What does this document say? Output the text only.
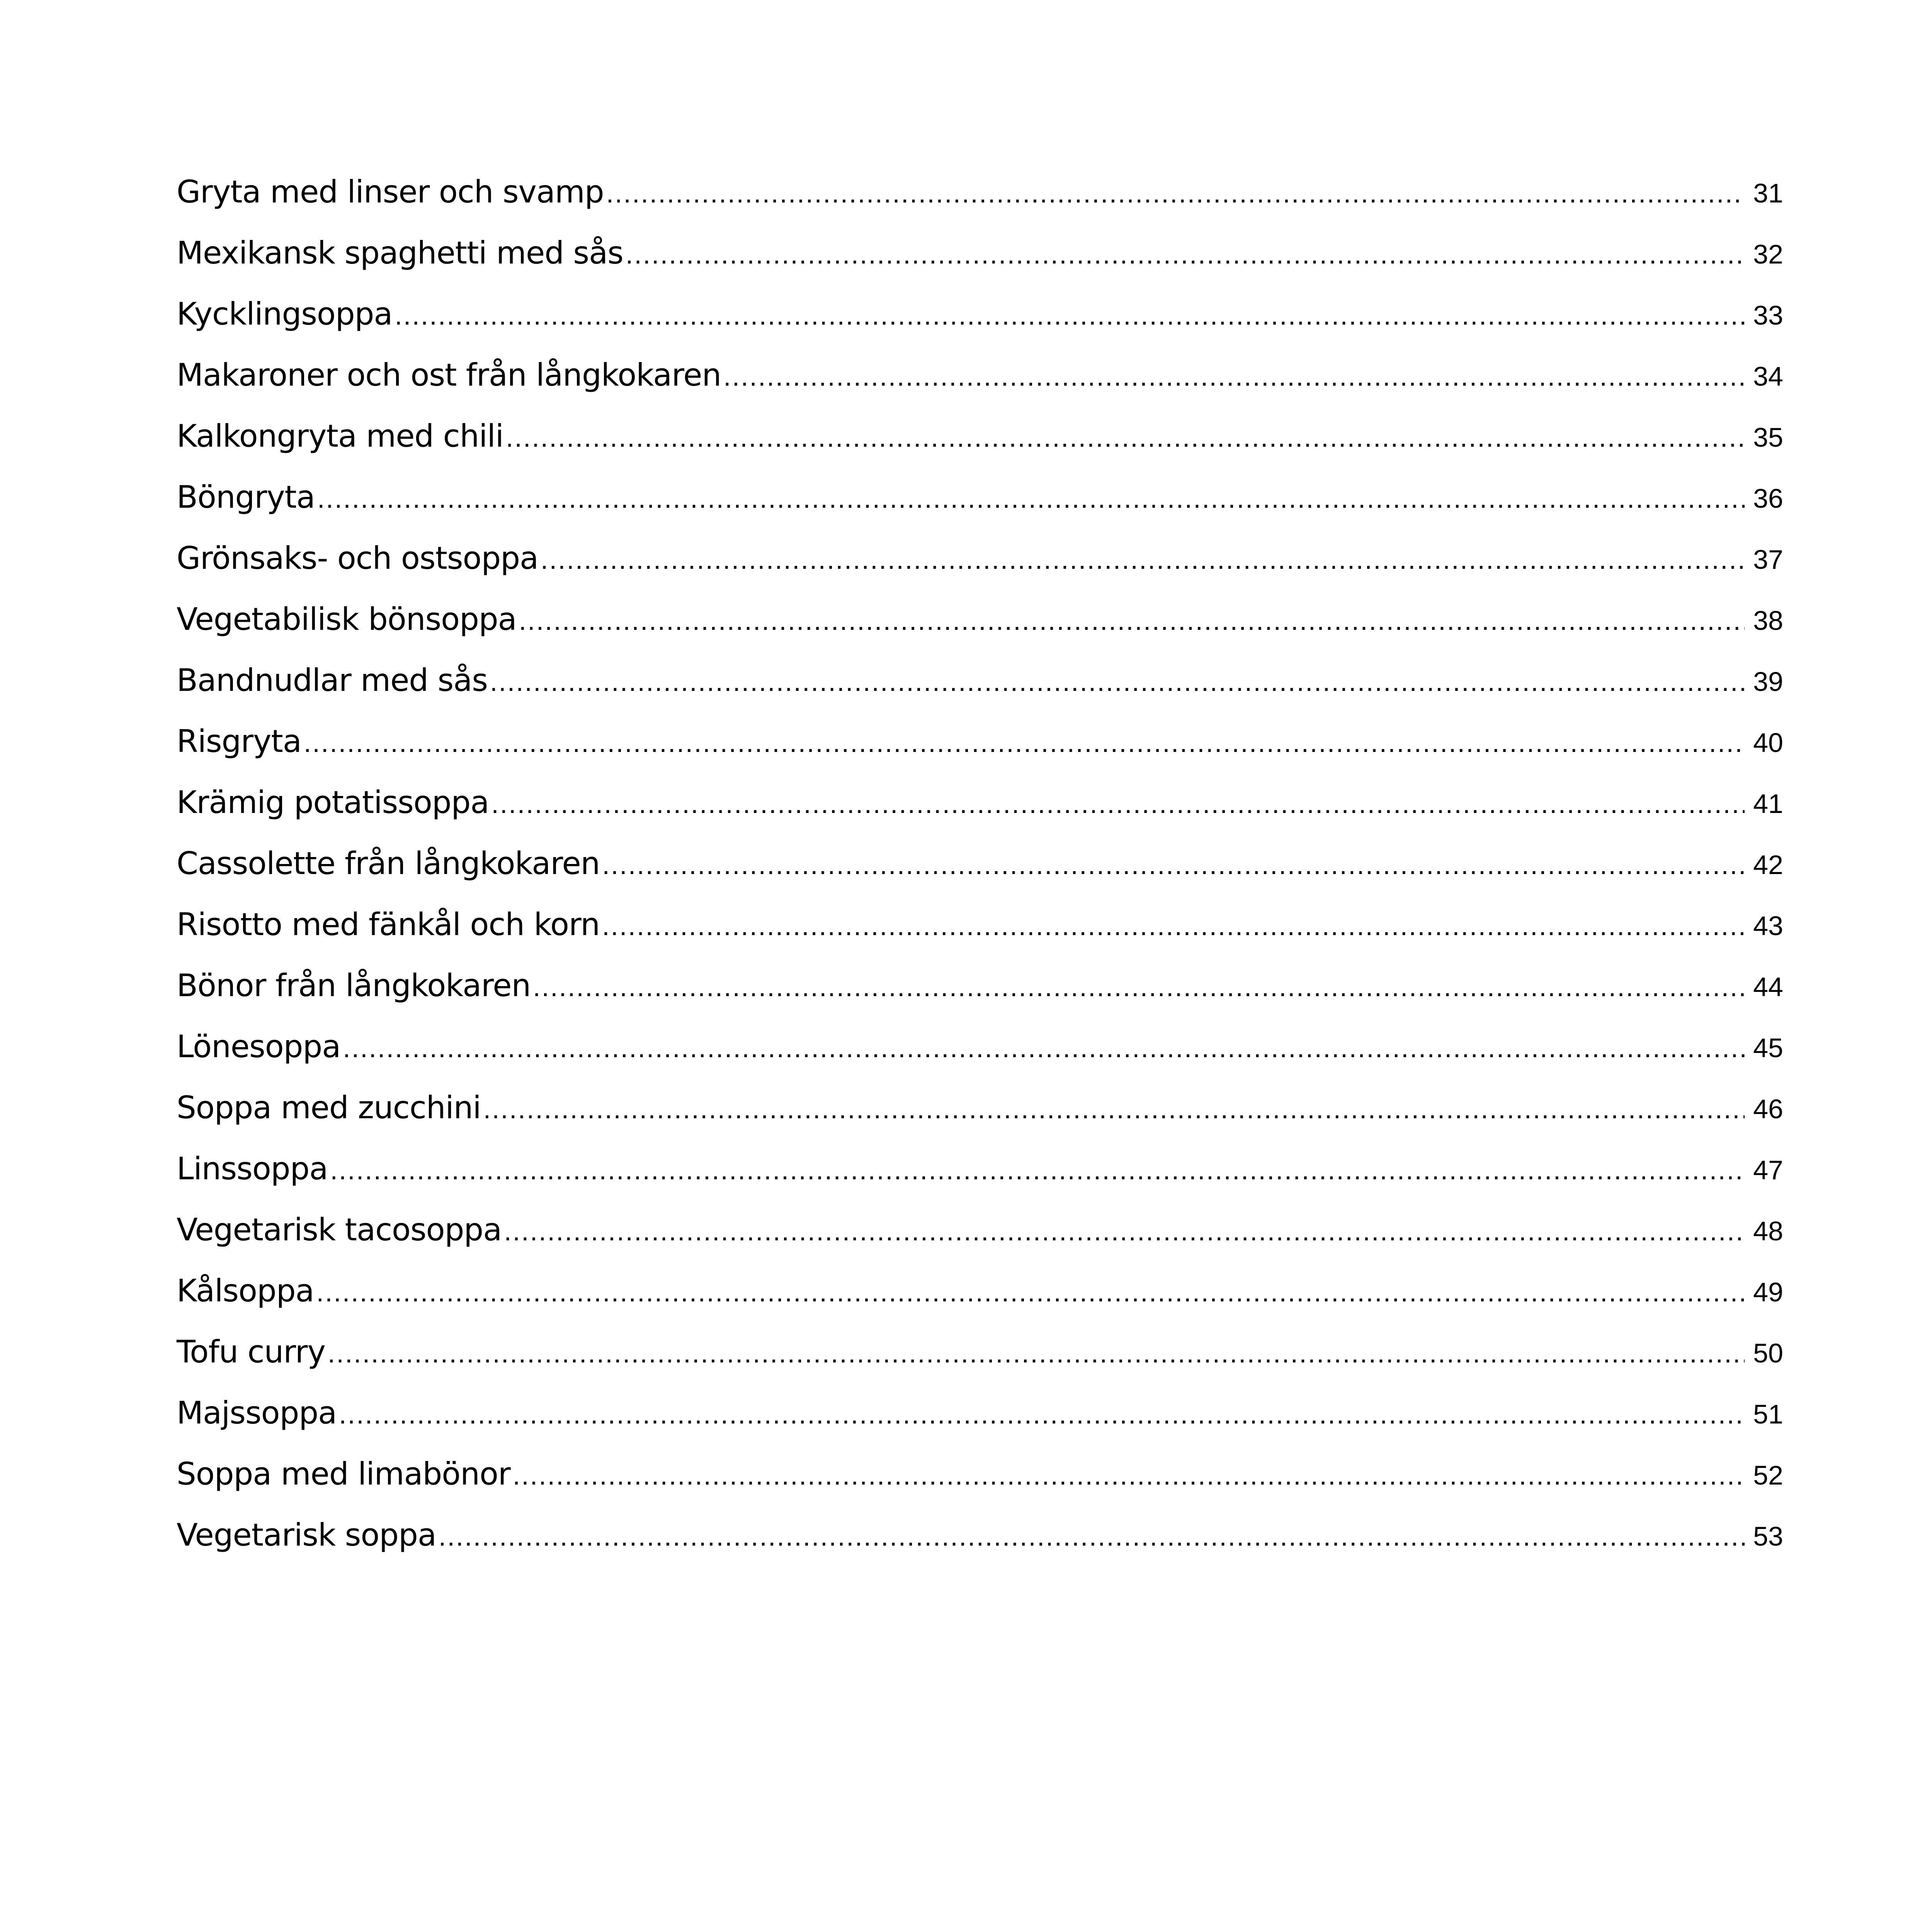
Gryta med linser och svamp .....	31
Mexikansk spaghetti med sås .....	32
Kycklingsoppa .....	33
Makaroner och ost från långkokaren .....	34
Kalkongryta med chili .....	35
Böngryta .....	36
Grönsaks- och ostsoppa .....	37
Vegetabilisk bönsoppa .....	38
Bandnudlar med sås .....	39
Risgryta .....	40
Krämig potatissoppa .....	41
Cassolette från långkokaren .....	42
Risotto med fänkål och korn .....	43
Bönor från långkokaren .....	44
Lönesoppa .....	45
Soppa med zucchini .....	46
Linssoppa .....	47
Vegetarisk tacosoppa .....	48
Kålsoppa .....	49
Tofu curry .....	50
Majssoppa .....	51
Soppa med limabönor .....	52
Vegetarisk soppa .....	53
